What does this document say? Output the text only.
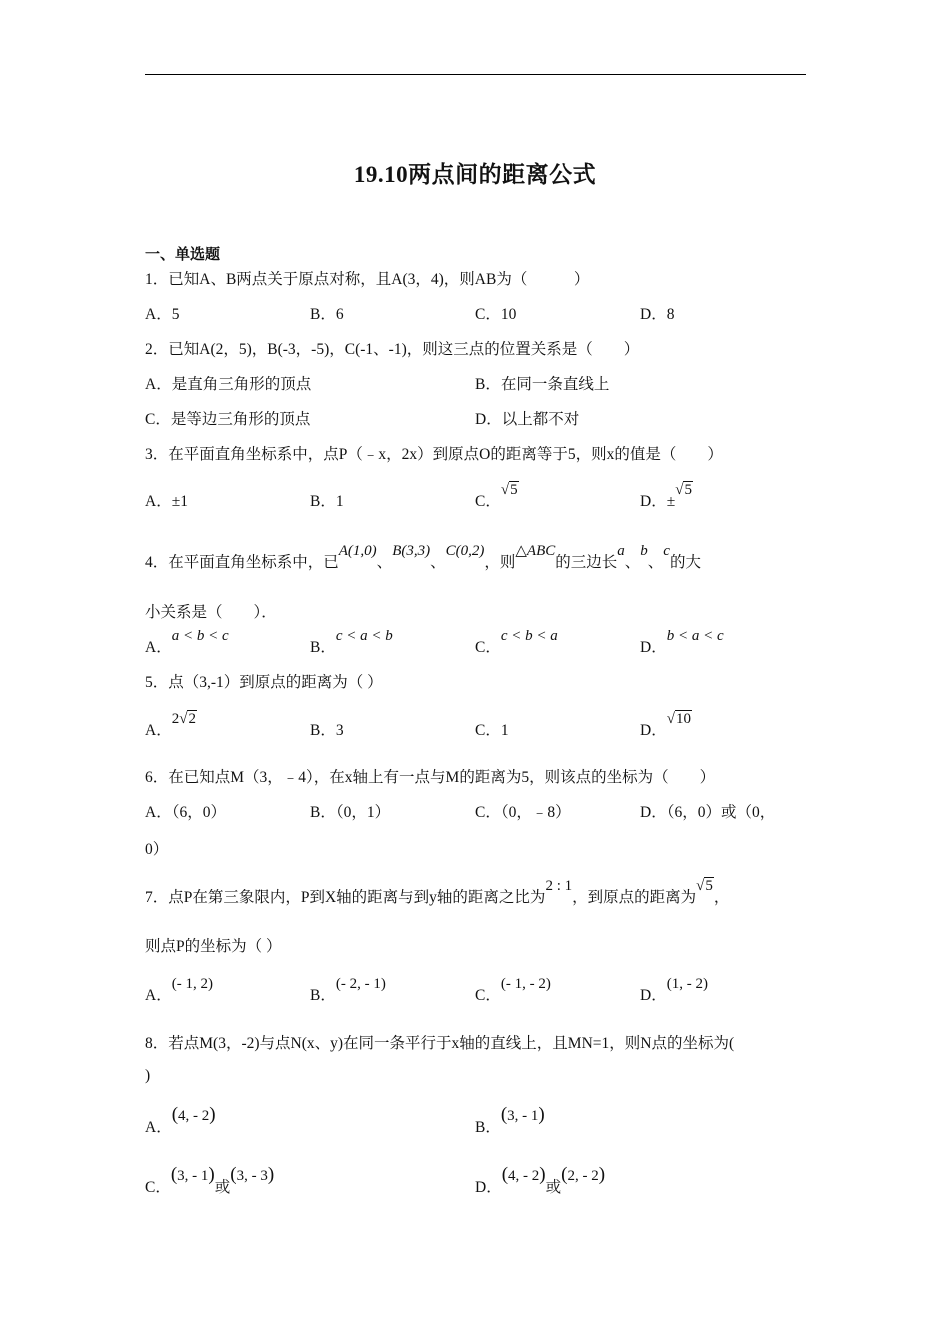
19.10两点间的距离公式
一、单选题
1．已知A、B两点关于原点对称，且A(3，4)，则AB为（　　　）
A．5	B．6	C．10	D．8
2．已知A(2，5)，B(-3，-5)，C(-1、-1)，则这三点的位置关系是（　　）
A．是直角三角形的顶点	B．在同一条直线上
C．是等边三角形的顶点	D．以上都不对
3．在平面直角坐标系中，点P（﹣x，2x）到原点O的距离等于5，则x的值是（　　）
A．±1	B．1	C．√5
D．±√5
4．在平面直角坐标系中，已A(1,0)、B(3,3)、C(0,2)，则△ABC的三边长a、b、c的大
小关系是（　　）．
A．a < b < c
B．c < a < b
C．c < b < a
D．b < a < c
5．点（3,-1）到原点的距离为（ ）
A．2√2
B．3	C．1	D．√10
6．在已知点M（3，﹣4），在x轴上有一点与M的距离为5，则该点的坐标为（　　）
A．（6，0）	B．（0，1）	C．（0，﹣8）	D．（6，0）或（0，
0）
7．点P在第三象限内，P到X轴的距离与到y轴的距离之比为2 : 1，到原点的距离为√5，
则点P的坐标为（ ）
A．(- 1, 2)
B．(- 2, - 1)
C．(- 1, - 2)
D．(1, - 2)
8．若点M(3，-2)与点N(x、y)在同一条平行于x轴的直线上，且MN=1，则N点的坐标为(
)
A．(4, - 2)
B．(3, - 1)
C．(3, - 1)或(3, - 3)
D．(4, - 2)或(2, - 2)
